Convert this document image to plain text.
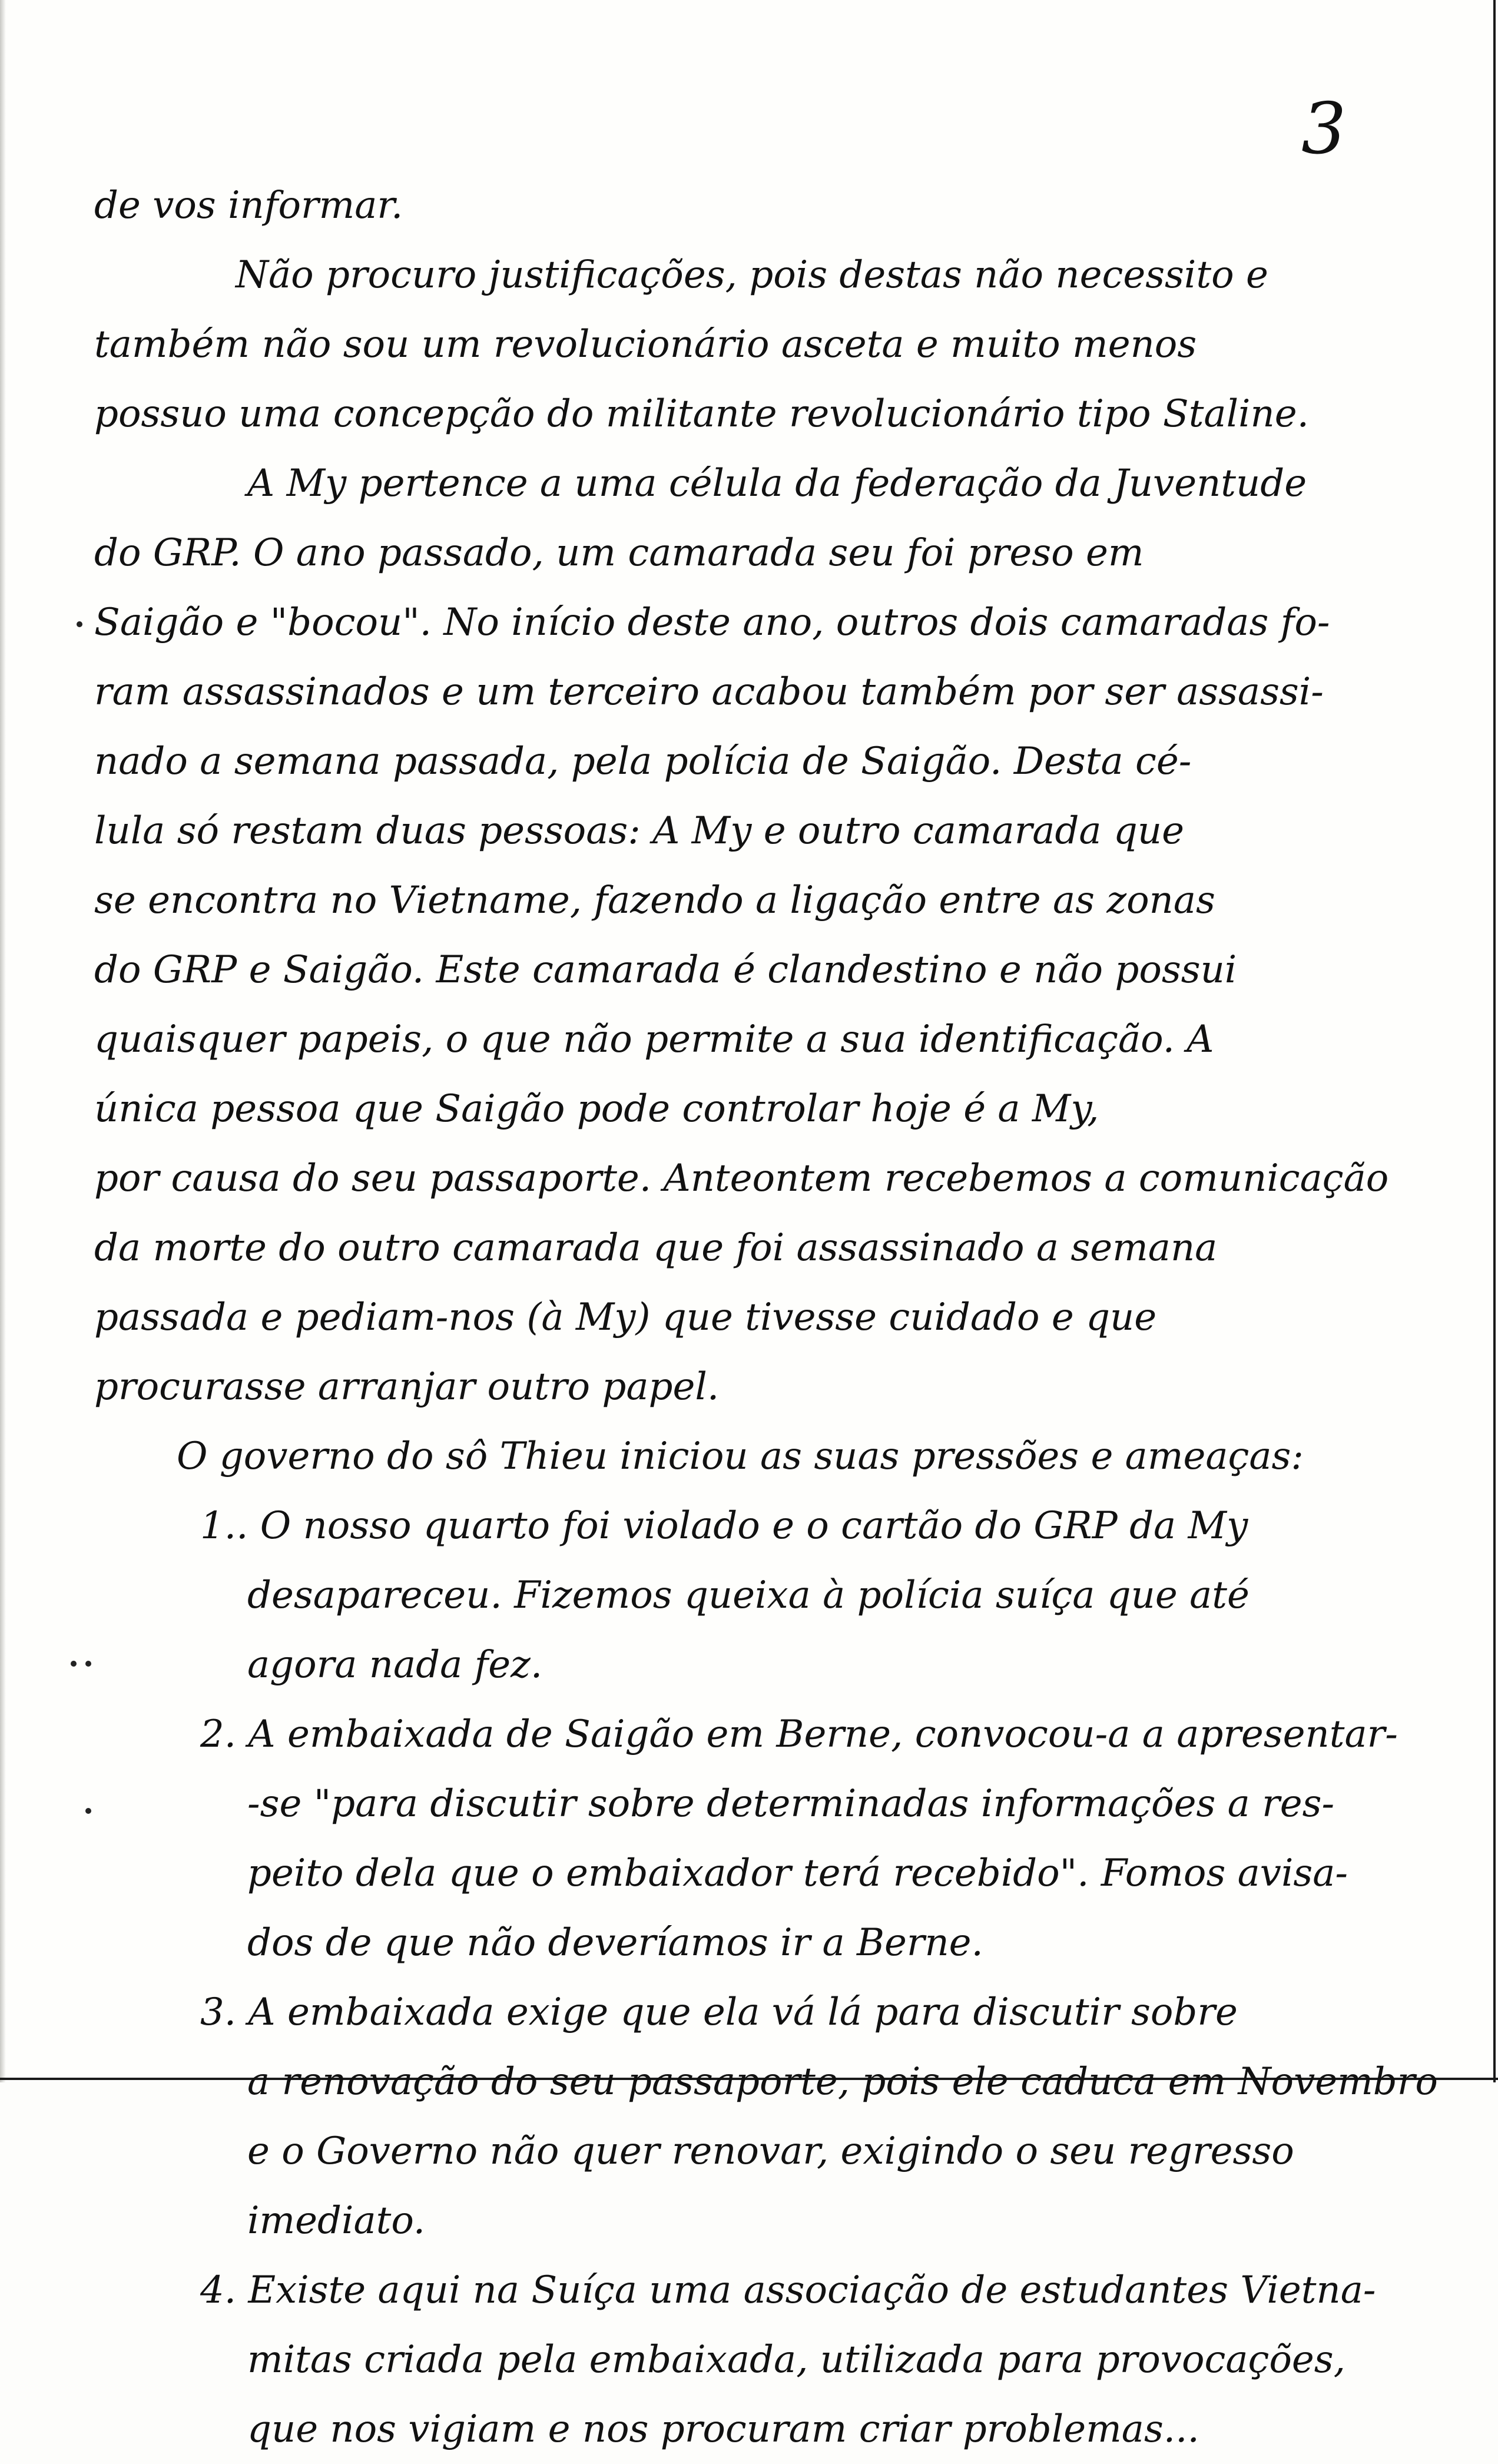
3
de vos informar.
Não procuro justificações, pois destas não necessito e
também não sou um revolucionário asceta e muito menos
possuo uma concepção do militante revolucionário tipo Staline.
A My pertence a uma célula da federação da Juventude
do GRP. O ano passado, um camarada seu foi preso em
Saigão e "bocou". No início deste ano, outros dois camaradas fo-
ram assassinados e um terceiro acabou também por ser assassi-
nado a semana passada, pela polícia de Saigão. Desta cé-
lula só restam duas pessoas: A My e outro camarada que
se encontra no Vietname, fazendo a ligação entre as zonas
do GRP e Saigão. Este camarada é clandestino e não possui
quaisquer papeis, o que não permite a sua identificação. A
única pessoa que Saigão pode controlar hoje é a My,
por causa do seu passaporte. Anteontem recebemos a comunicação
da morte do outro camarada que foi assassinado a semana
passada e pediam-nos (à My) que tivesse cuidado e que
procurasse arranjar outro papel.
O governo do sô Thieu iniciou as suas pressões e ameaças:
1.. O nosso quarto foi violado e o cartão do GRP da My
desapareceu. Fizemos queixa à polícia suíça que até
agora nada fez.
2. A embaixada de Saigão em Berne, convocou-a a apresentar-
-se "para discutir sobre determinadas informações a res-
peito dela que o embaixador terá recebido". Fomos avisa-
dos de que não deveríamos ir a Berne.
3. A embaixada exige que ela vá lá para discutir sobre
a renovação do seu passaporte, pois ele caduca em Novembro
e o Governo não quer renovar, exigindo o seu regresso
imediato.
4. Existe aqui na Suíça uma associação de estudantes Vietna-
mitas criada pela embaixada, utilizada para provocações,
que nos vigiam e nos procuram criar problemas...
